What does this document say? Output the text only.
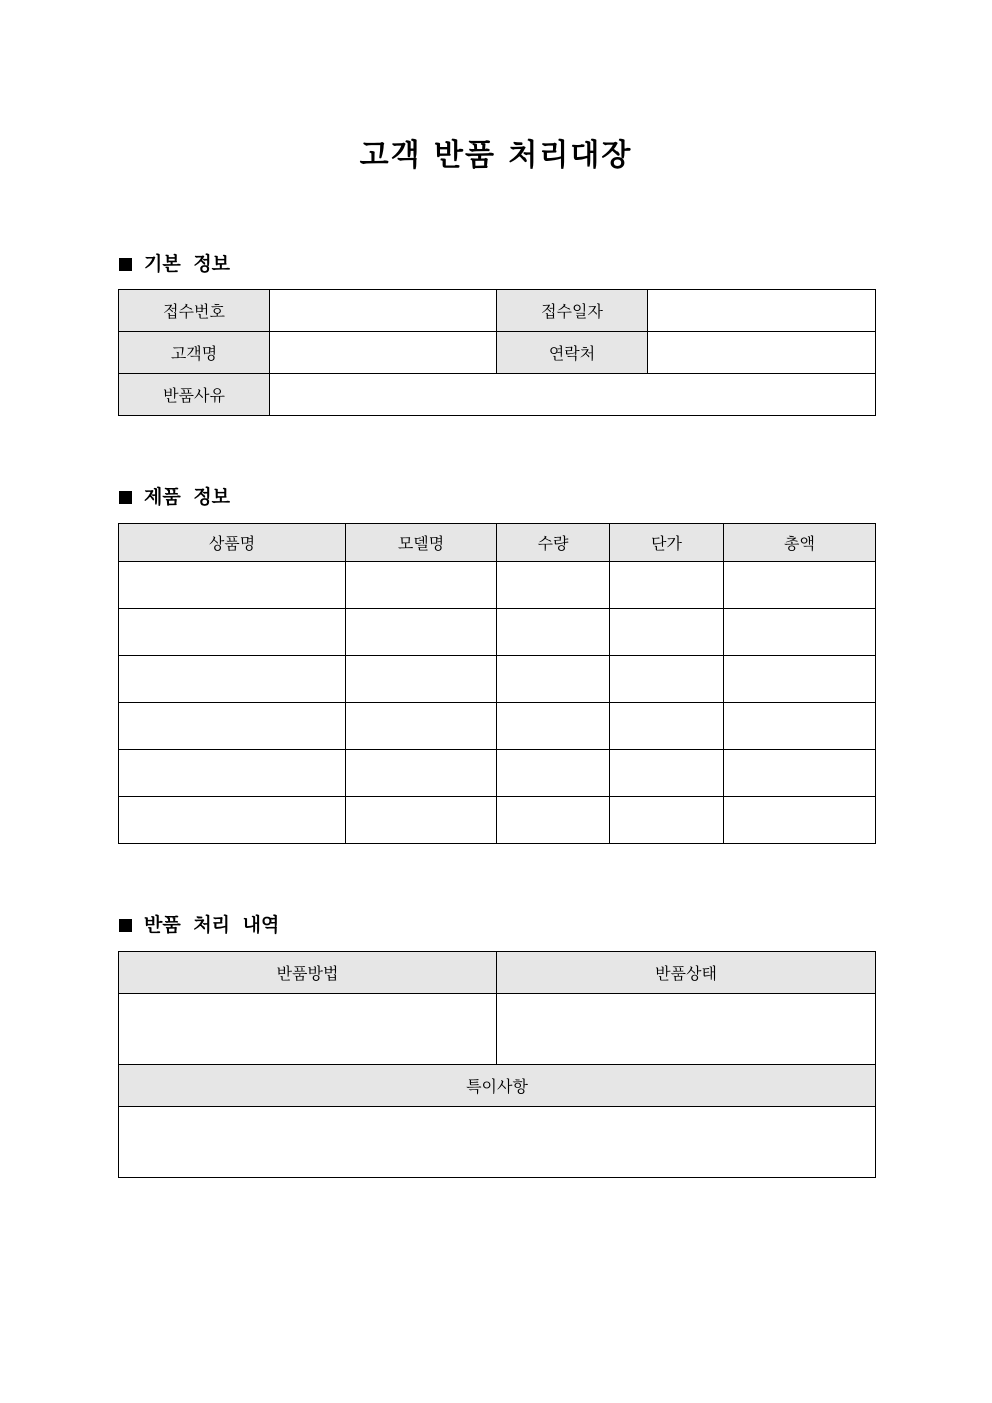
고객 반품 처리대장
기본 정보
접수번호		접수일자	
고객명		연락처	
반품사유			
제품 정보
상품명	모델명	수량	단가	총액

반품 처리 내역
반품방법	반품상태

특이사항	
